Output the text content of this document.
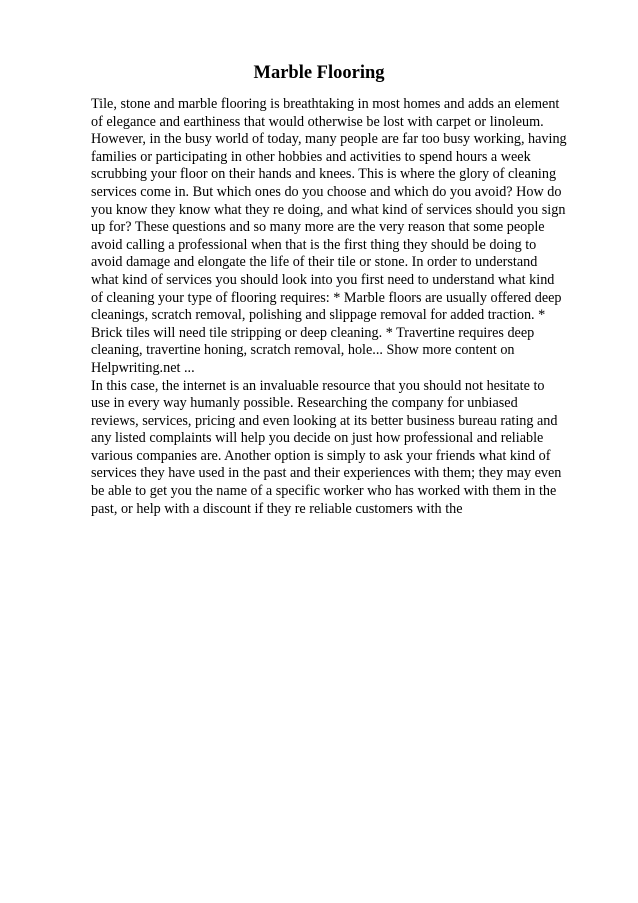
Marble Flooring
Tile, stone and marble flooring is breathtaking in most homes and adds an element
of elegance and earthiness that would otherwise be lost with carpet or linoleum.
However, in the busy world of today, many people are far too busy working, having
families or participating in other hobbies and activities to spend hours a week
scrubbing your floor on their hands and knees. This is where the glory of cleaning
services come in. But which ones do you choose and which do you avoid? How do
you know they know what they re doing, and what kind of services should you sign
up for? These questions and so many more are the very reason that some people
avoid calling a professional when that is the first thing they should be doing to
avoid damage and elongate the life of their tile or stone. In order to understand
what kind of services you should look into you first need to understand what kind
of cleaning your type of flooring requires: * Marble floors are usually offered deep
cleanings, scratch removal, polishing and slippage removal for added traction. *
Brick tiles will need tile stripping or deep cleaning. * Travertine requires deep
cleaning, travertine honing, scratch removal, hole... Show more content on
Helpwriting.net ...
In this case, the internet is an invaluable resource that you should not hesitate to
use in every way humanly possible. Researching the company for unbiased
reviews, services, pricing and even looking at its better business bureau rating and
any listed complaints will help you decide on just how professional and reliable
various companies are. Another option is simply to ask your friends what kind of
services they have used in the past and their experiences with them; they may even
be able to get you the name of a specific worker who has worked with them in the
past, or help with a discount if they re reliable customers with the
